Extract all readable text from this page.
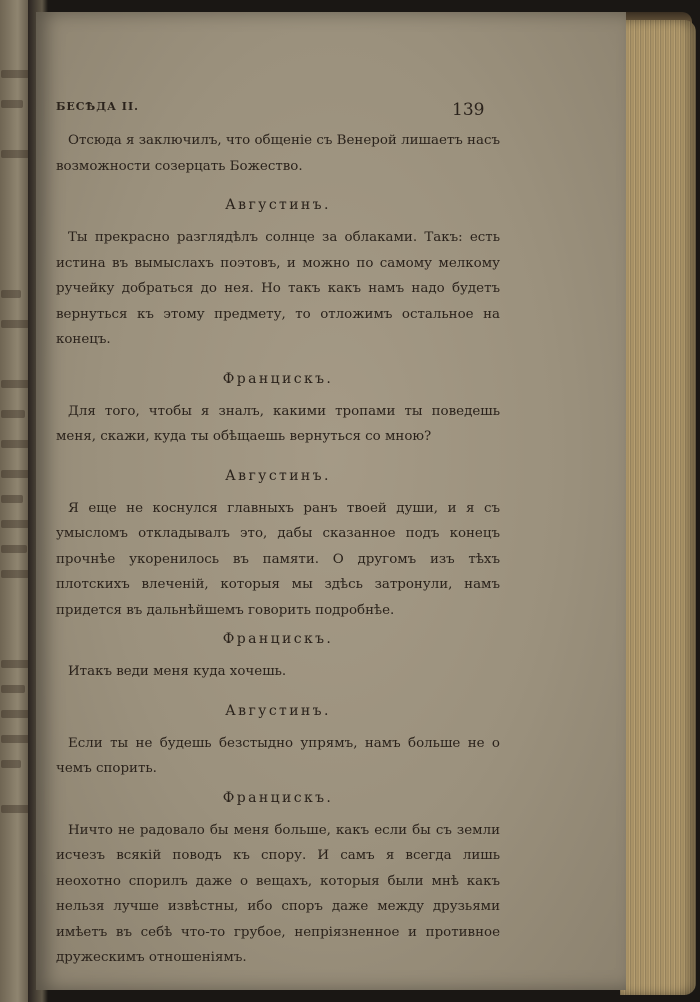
БЕСѢДА II.	139

Отсюда я заключилъ, что общеніе съ Венерой лишаетъ насъ возможности созерцать Божество.

Августинъ.

Ты прекрасно разглядѣлъ солнце за облаками. Такъ: есть истина въ вымыслахъ поэтовъ, и можно по самому мелкому ручейку добраться до нея. Но такъ какъ намъ надо будетъ вернуться къ этому предмету, то отложимъ остальное на конецъ.

Францискъ.

Для того, чтобы я зналъ, какими тропами ты поведешь меня, скажи, куда ты обѣщаешь вернуться со мною?

Августинъ.

Я еще не коснулся главныхъ ранъ твоей души, и я съ умысломъ откладывалъ это, дабы сказанное подъ конецъ прочнѣе укоренилось въ памяти. О другомъ изъ тѣхъ плотскихъ влеченій, которыя мы здѣсь затронули, намъ придется въ дальнѣйшемъ говорить подробнѣе.

Францискъ.

Итакъ веди меня куда хочешь.

Августинъ.

Если ты не будешь безстыдно упрямъ, намъ больше не о чемъ спорить.

Францискъ.

Ничто не радовало бы меня больше, какъ если бы съ земли исчезъ всякій поводъ къ спору. И самъ я всегда лишь неохотно спорилъ даже о вещахъ, которыя были мнѣ какъ нельзя лучше извѣстны, ибо споръ даже между друзьями имѣетъ въ себѣ что-то грубое, непріязненное и противное дружескимъ отношеніямъ.
